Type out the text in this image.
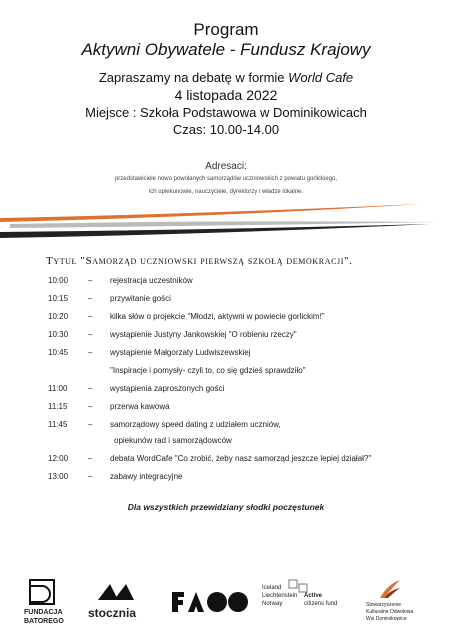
Program
Aktywni Obywatele - Fundusz Krajowy
Zapraszamy na debatę w formie World Cafe
4 listopada 2022
Miejsce : Szkoła Podstawowa w Dominikowicach
Czas: 10.00-14.00
Adresaci:
przedstawiciele nowo powołanych samorządów uczniowskich z powiatu gorlickiego,
ich opiekunowie, nauczyciele, dyrektorzy i władze lokalne.
Tytuł "Samorząd uczniowski pierwszą szkołą demokracji".
10:00	–	rejestracja uczestników
10:15	–	przywitanie gości
10:20	–	kilka słów o projekcie "Młodzi, aktywni w powiecie gorlickim!"
10:30	–	wystąpienie Justyny Jankowskiej "O robieniu rzeczy"
10:45	–	wystąpienie Małgorzaty Ludwiszewskiej
"Inspiracje i pomysły- czyli to, co się gdzieś sprawdziło"
11:00	–	wystąpienia zaproszonych gości
11:15	–	przerwa kawowa
11:45	–	samorządowy speed dating z udziałem uczniów,
opiekunów rad i samorządowców
12:00	–	debata WordCafe "Co zrobić, żeby nasz samorząd jeszcze lepiej działał?"
13:00	–	zabawy integracyjne
Dla wszystkich przewidziany słodki poczęstunek
FUNDACJA
BATOREGO
stocznia
Iceland
Liechtenstein
Norway
Active
citizens fund	Stowarzyszenie
Kulturalne Odwołowa
Wsi Dominikowice
